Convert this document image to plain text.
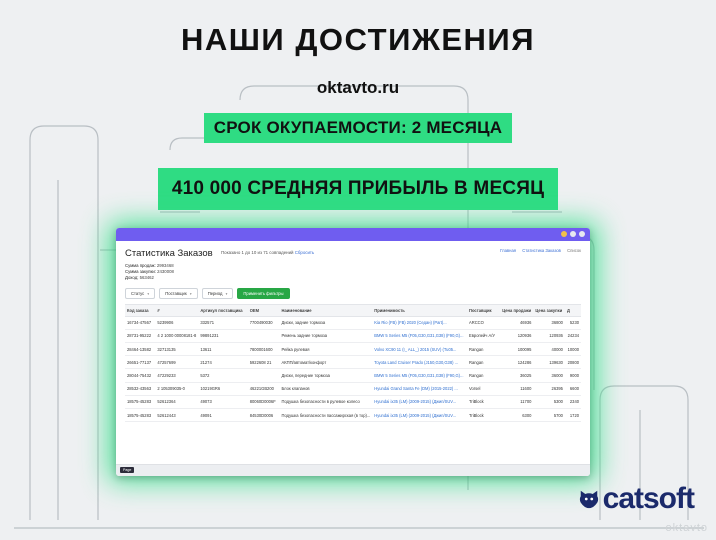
НАШИ ДОСТИЖЕНИЯ
oktavto.ru
СРОК ОКУПАЕМОСТИ: 2 МЕСЯЦА
410 000 СРЕДНЯЯ ПРИБЫЛЬ В МЕСЯЦ
Статистика Заказов Показано 1 до 10 из 71 совпадений Сбросить	Главная Статистика Заказов Список
Сумма продаж: 2993468
Сумма закупки: 2430008
Доход: 563462
Статус ▾	Поставщик ▾	Период ▾	Применить фильтры
Код заказа	#	Артикул поставщика	OEM	Наименование	Применимость	Поставщик	Цена продажи	Цена закупки	Д
16734-47567	5239906	332571	7700490030	Диски, задние тормоза	Kia Rio (FB) (FB) 2020 (Седан) (Part)...	ARCCO	46936	36800	5230
28731-95222	4 2 1000 00008181-8	99891231		Ремень задние тормоза	BMW 5 Series M5 (F05,G30,G31,G38) (F90,G)...	Европейч А/У	120936	120936	24234
28464-13582	32713135	13611	7800001600	Рейка рулевая	Volvo XC90 11 (I_ ALL_) 2015 (SUV) (Tu05...	Rangan	100095	40000	10000
26651-77137	47257699	21274	5922608 21	АКПП/автомат/конфорт	Toyota Land Cruiser Prado (J150,G30,G38) ...	Rangan	124286	139630	20800
28044-75432	47229233	5372		Диски, передние тормоза	BMW 5 Series M5 (F05,G30,G31,G38) (F90,G)...	Rangan	36025	36000	9000
28532-43563	2 105309035-0	10219GR6	46221GB200	Блок клапанов	Hyundai Grand Santa Fe (DM) (2015-2022) ...	Vorsel	11600	26395	6600
18575-45283	52612364	49073	80060D0006F	Подушка безопасности в рулевое колесо	Hyundai ix35 (LM) (2009-2015) (Джип/SUV...	TriBlock	11700	5300	2340
18575-45283	52612443	49091	84530D0006	Подушка безопасности пассажирская (в тор)...	Hyundai ix35 (LM) (2009-2015) (Джип/SUV...	TriBlock	6300	5700	1720
Page
catsoft
oktavto
